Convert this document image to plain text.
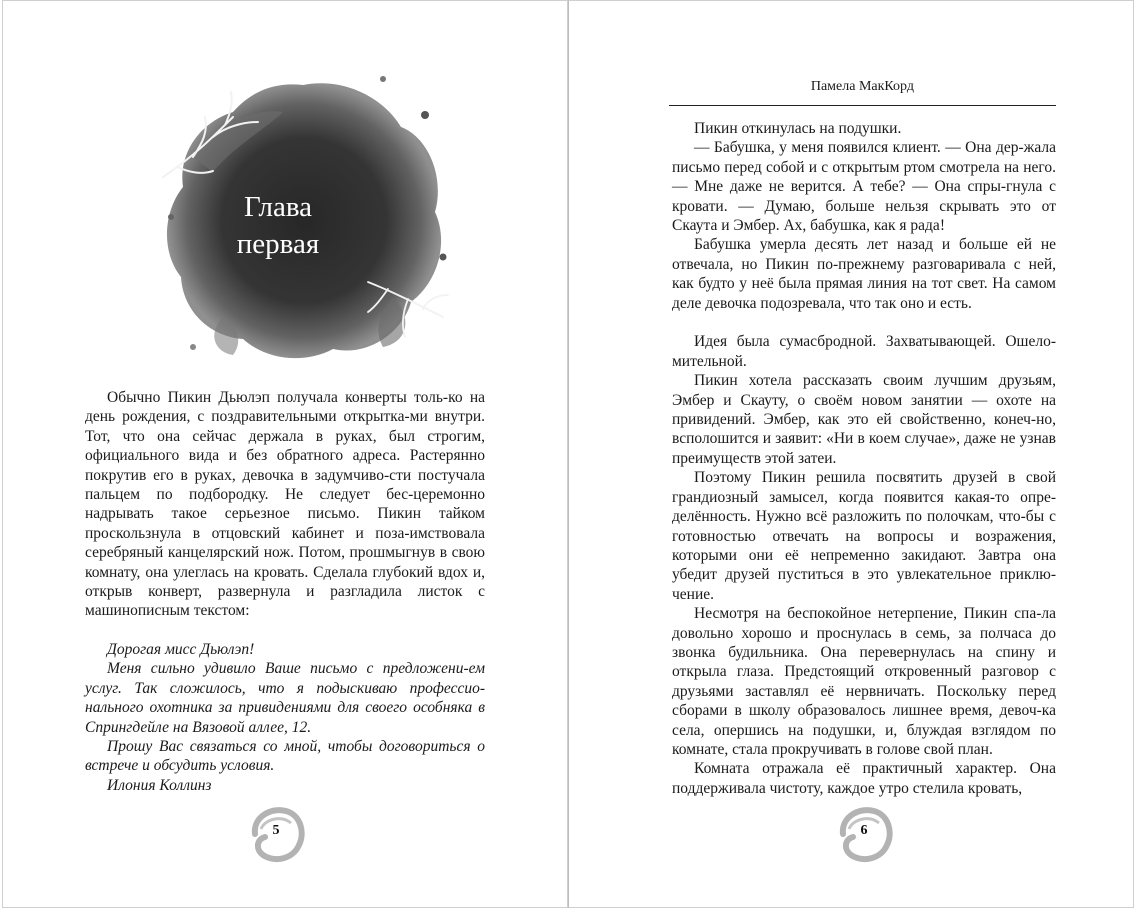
Глава
первая

Обычно Пикин Дьюлэп получала конверты толь-ко на день рождения, с поздравительными открытка-ми внутри. Тот, что она сейчас держала в руках, был строгим, официального вида и без обратного адреса. Растерянно покрутив его в руках, девочка в задумчиво-сти постучала пальцем по подбородку. Не следует бес-церемонно надрывать такое серьезное письмо. Пикин тайком проскользнула в отцовский кабинет и поза-имствовала серебряный канцелярский нож. Потом, прошмыгнув в свою комнату, она улеглась на кровать. Сделала глубокий вдох и, открыв конверт, развернула и разгладила листок с машинописным текстом:

Дорогая мисс Дьюлэп!

Меня сильно удивило Ваше письмо с предложени-ем услуг. Так сложилось, что я подыскиваю профессио-нального охотника за привидениями для своего особняка в Спрингдейле на Вязовой аллее, 12.

Прошу Вас связаться со мной, чтобы договориться о встрече и обсудить условия.

Илония Коллинз

5
Памела МакКорд

Пикин откинулась на подушки.

— Бабушка, у меня появился клиент. — Она дер-жала письмо перед собой и с открытым ртом смотрела на него. — Мне даже не верится. А тебе? — Она спры-гнула с кровати. — Думаю, больше нельзя скрывать это от Скаута и Эмбер. Ах, бабушка, как я рада!

Бабушка умерла десять лет назад и больше ей не отвечала, но Пикин по-прежнему разговаривала с ней, как будто у неё была прямая линия на тот свет. На самом деле девочка подозревала, что так оно и есть.

Идея была сумасбродной. Захватывающей. Ошело-мительной.

Пикин хотела рассказать своим лучшим друзьям, Эмбер и Скауту, о своём новом занятии — охоте на привидений. Эмбер, как это ей свойственно, конеч-но, всполошится и заявит: «Ни в коем случае», даже не узнав преимуществ этой затеи.

Поэтому Пикин решила посвятить друзей в свой грандиозный замысел, когда появится какая-то опре-делённость. Нужно всё разложить по полочкам, что-бы с готовностью отвечать на вопросы и возражения, которыми они её непременно закидают. Завтра она убедит друзей пуститься в это увлекательное приклю-чение.

Несмотря на беспокойное нетерпение, Пикин спа-ла довольно хорошо и проснулась в семь, за полчаса до звонка будильника. Она перевернулась на спину и открыла глаза. Предстоящий откровенный разговор с друзьями заставлял её нервничать. Поскольку перед сборами в школу образовалось лишнее время, девоч-ка села, опершись на подушки, и, блуждая взглядом по комнате, стала прокручивать в голове свой план.

Комната отражала её практичный характер. Она поддерживала чистоту, каждое утро стелила кровать,

6
